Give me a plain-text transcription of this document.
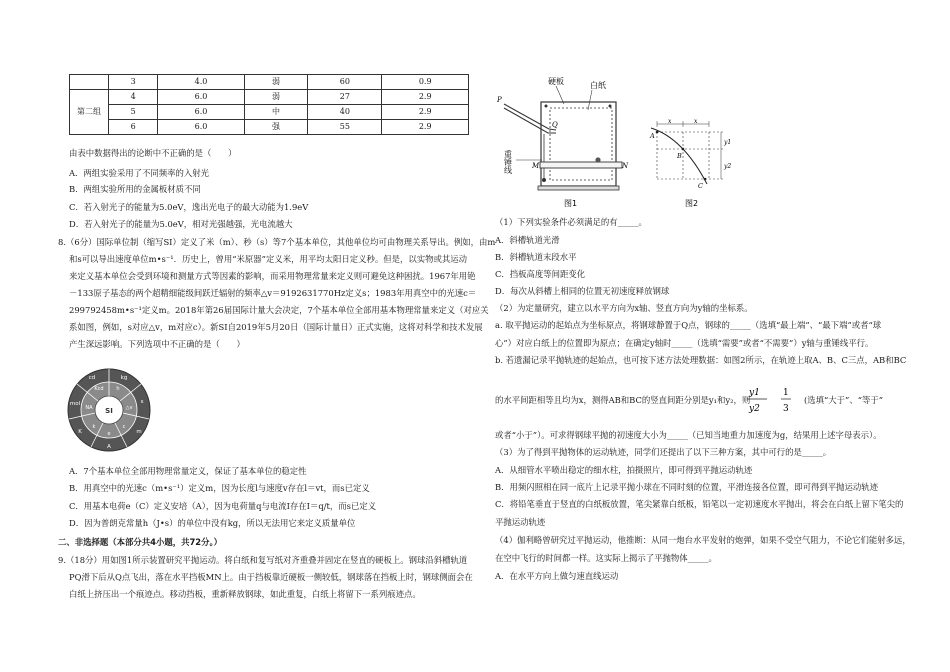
	3	4.0	弱	60	0.9
第二组	4	6.0	弱	27	2.9
	5	6.0	中	40	2.9
	6	6.0	强	55	2.9
由表中数据得出的论断中不正确的是（　　）
A．两组实验采用了不同频率的入射光
B．两组实验所用的金属板材质不同
C．若入射光子的能量为5.0eV，逸出光电子的最大动能为1.9eV
D．若入射光子的能量为5.0eV，相对光强越强，光电流越大
8.（6分）国际单位制（缩写SI）定义了米（m）、秒（s）等7个基本单位，其他单位均可由物理关系导出。例如，由m
和s可以导出速度单位m•s⁻¹．历史上，曾用“米原器”定义米，用平均太阳日定义秒。但是，以实物或其运动
来定义基本单位会受到环境和测量方式等因素的影响，而采用物理常量来定义则可避免这种困扰。1967年用铯
－133原子基态的两个超精细能级间跃迁辐射的频率△v＝9192631770Hz定义s；1983年用真空中的光速c＝
299792458m•s⁻¹定义m。2018年第26届国际计量大会决定，7个基本单位全部用基本物理常量来定义（对应关
系如图，例如，s对应△v，m对应c）。新SI自2019年5月20日（国际计量日）正式实施，这将对科学和技术发展
产生深远影响。下列选项中不正确的是（　　）
SI
kg
s
m
A
K
mol
cd
h
△v
c
e
k
NA
Kcd
A．7个基本单位全部用物理常量定义，保证了基本单位的稳定性
B．用真空中的光速c（m•s⁻¹）定义m，因为长度l与速度v存在l＝vt，而s已定义
C．用基本电荷e（C）定义安培（A），因为电荷量q与电流I存在I＝q/t，而s已定义
D．因为普朗克常量h（J•s）的单位中没有kg，所以无法用它来定义质量单位
二、非选择题（本部分共4小题，共72分。）
9.（18分）用如图1所示装置研究平抛运动。将白纸和复写纸对齐重叠并固定在竖直的硬板上。钢球沿斜槽轨道
PQ滑下后从Q点飞出，落在水平挡板MN上。由于挡板靠近硬板一侧较低，钢球落在挡板上时，钢球侧面会在
白纸上挤压出一个痕迹点。移动挡板，重新释放钢球，如此重复，白纸上将留下一系列痕迹点。
硬板	白纸
P
Q
M	N
重锤线
图1
x	x
y1
y2
A
B
C
图2
（1）下列实验条件必须满足的有_____。
A．斜槽轨道光滑
B．斜槽轨道末段水平
C．挡板高度等间距变化
D．每次从斜槽上相同的位置无初速度释放钢球
（2）为定量研究，建立以水平方向为x轴、竖直方向为y轴的坐标系。
a. 取平抛运动的起始点为坐标原点，将钢球静置于Q点，钢球的_____（选填“最上端”、“最下端”或者“球
心”）对应白纸上的位置即为原点；在确定y轴时_____（选填“需要”或者“不需要”）y轴与重锤线平行。
b. 若遗漏记录平抛轨迹的起始点，也可按下述方法处理数据：如图2所示，在轨迹上取A、B、C三点，AB和BC
的水平间距相等且均为x，测得AB和BC的竖直间距分别是y₁和y₂，则
y1
y2
1
3
(选填“大于”、“等于”
或者“小于”）。可求得钢球平抛的初速度大小为_____（已知当地重力加速度为g，结果用上述字母表示）。
（3）为了得到平抛物体的运动轨迹，同学们还提出了以下三种方案，其中可行的是_____。
A．从细管水平喷出稳定的细水柱，拍摄照片，即可得到平抛运动轨迹
B．用频闪照相在同一底片上记录平抛小球在不同时刻的位置，平滑连接各位置，即可得到平抛运动轨迹
C．将铅笔垂直于竖直的白纸板放置，笔尖紧靠白纸板，铅笔以一定初速度水平抛出，将会在白纸上留下笔尖的
平抛运动轨迹
（4）伽利略曾研究过平抛运动，他推断：从同一炮台水平发射的炮弹，如果不受空气阻力，不论它们能射多远，
在空中飞行的时间都一样。这实际上揭示了平抛物体_____。
A．在水平方向上做匀速直线运动
